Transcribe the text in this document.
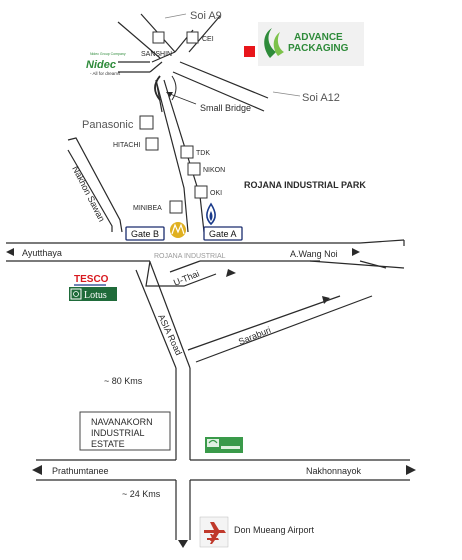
Soi A9
Soi A12
Small Bridge
Nakhon Sawan
Ayutthaya	ROJANA INDUSTRIAL	A.Wang Noi
U-Thai
Saraburi
ASIA Road
Prathumtanee	Nakhonnayok
ROJANA INDUSTRIAL PARK
SANSHIN
CEI
Panasonic
HITACHI
TDK
NIKON
OKI
MINIBEA
Gate B	Gate A
~ 80 Kms
~ 24 Kms
NAVANAKORN
INDUSTRIAL
ESTATE
Don Mueang Airport
ADVANCE
PACKAGING
Nidec Group Company
Nidec
- All for dreams
TESCO
Lotus
